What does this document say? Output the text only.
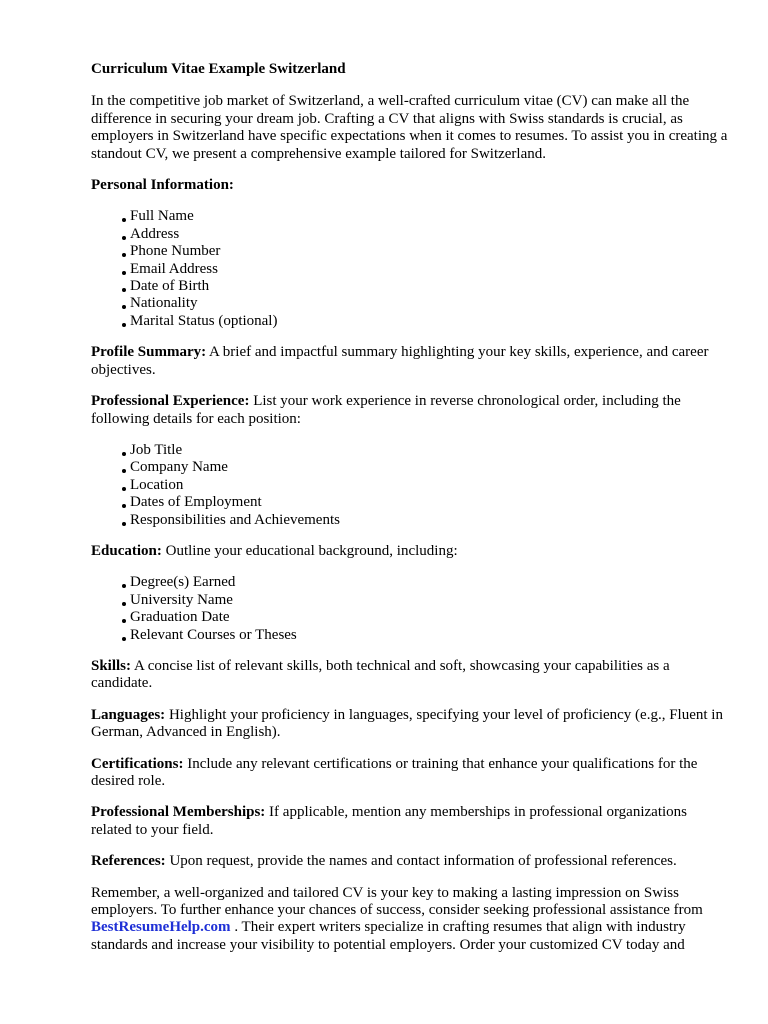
Curriculum Vitae Example Switzerland

In the competitive job market of Switzerland, a well-crafted curriculum vitae (CV) can make all the difference in securing your dream job. Crafting a CV that aligns with Swiss standards is crucial, as employers in Switzerland have specific expectations when it comes to resumes. To assist you in creating a standout CV, we present a comprehensive example tailored for Switzerland.

Personal Information:

Full Name
Address
Phone Number
Email Address
Date of Birth
Nationality
Marital Status (optional)

Profile Summary: A brief and impactful summary highlighting your key skills, experience, and career objectives.

Professional Experience: List your work experience in reverse chronological order, including the following details for each position:

Job Title
Company Name
Location
Dates of Employment
Responsibilities and Achievements

Education: Outline your educational background, including:

Degree(s) Earned
University Name
Graduation Date
Relevant Courses or Theses

Skills: A concise list of relevant skills, both technical and soft, showcasing your capabilities as a candidate.

Languages: Highlight your proficiency in languages, specifying your level of proficiency (e.g., Fluent in German, Advanced in English).

Certifications: Include any relevant certifications or training that enhance your qualifications for the desired role.

Professional Memberships: If applicable, mention any memberships in professional organizations related to your field.

References: Upon request, provide the names and contact information of professional references.

Remember, a well-organized and tailored CV is your key to making a lasting impression on Swiss employers. To further enhance your chances of success, consider seeking professional assistance from BestResumeHelp.com . Their expert writers specialize in crafting resumes that align with industry standards and increase your visibility to potential employers. Order your customized CV today and
